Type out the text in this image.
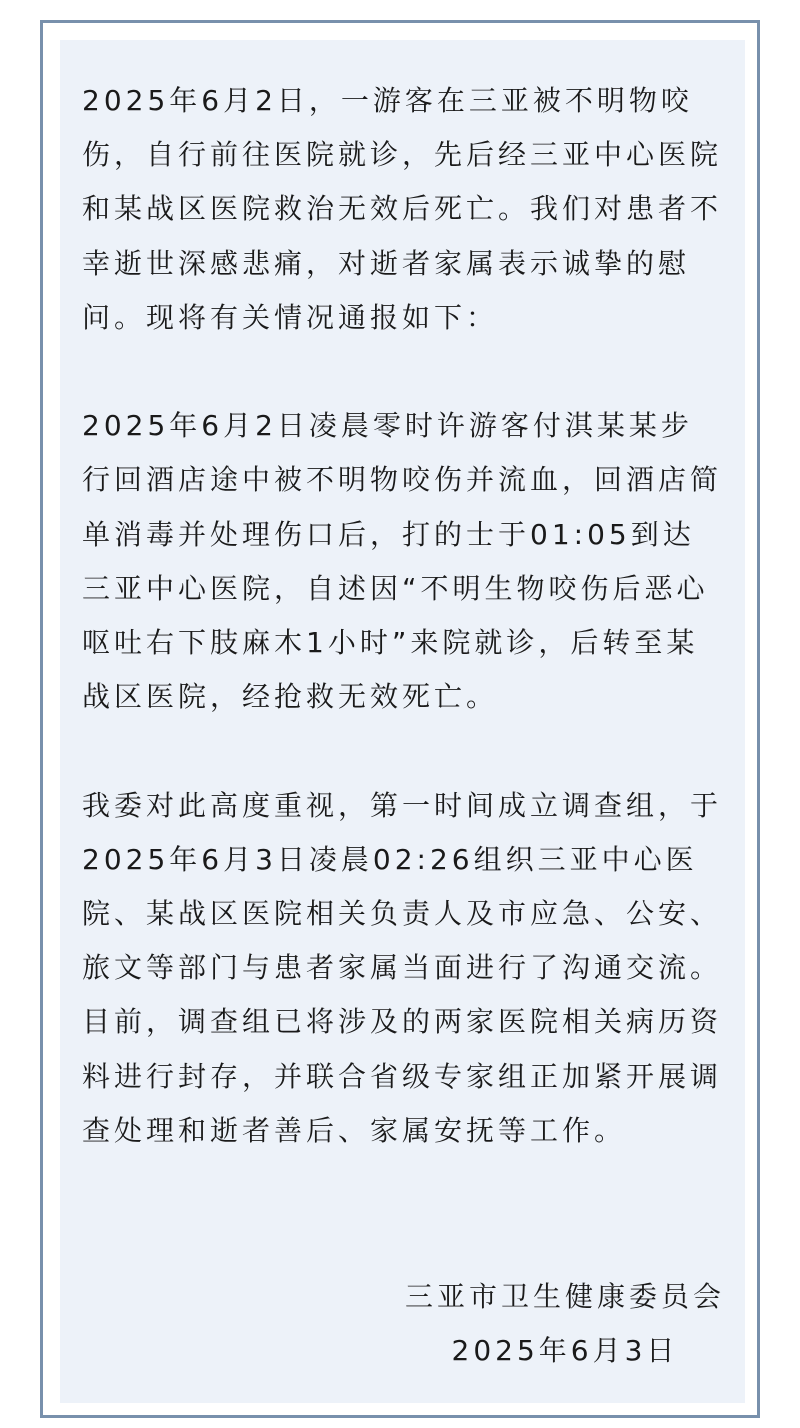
2025年6月2日，一游客在三亚被不明物咬伤，自行前往医院就诊，先后经三亚中心医院和某战区医院救治无效后死亡。我们对患者不幸逝世深感悲痛，对逝者家属表示诚挚的慰问。现将有关情况通报如下：

2025年6月2日凌晨零时许游客付淇某某步行回酒店途中被不明物咬伤并流血，回酒店简单消毒并处理伤口后，打的士于01:05到达三亚中心医院，自述因“不明生物咬伤后恶心呕吐右下肢麻木1小时”来院就诊，后转至某战区医院，经抢救无效死亡。

我委对此高度重视，第一时间成立调查组，于2025年6月3日凌晨02:26组织三亚中心医院、某战区医院相关负责人及市应急、公安、旅文等部门与患者家属当面进行了沟通交流。目前，调查组已将涉及的两家医院相关病历资料进行封存，并联合省级专家组正加紧开展调查处理和逝者善后、家属安抚等工作。

三亚市卫生健康委员会
2025年6月3日
